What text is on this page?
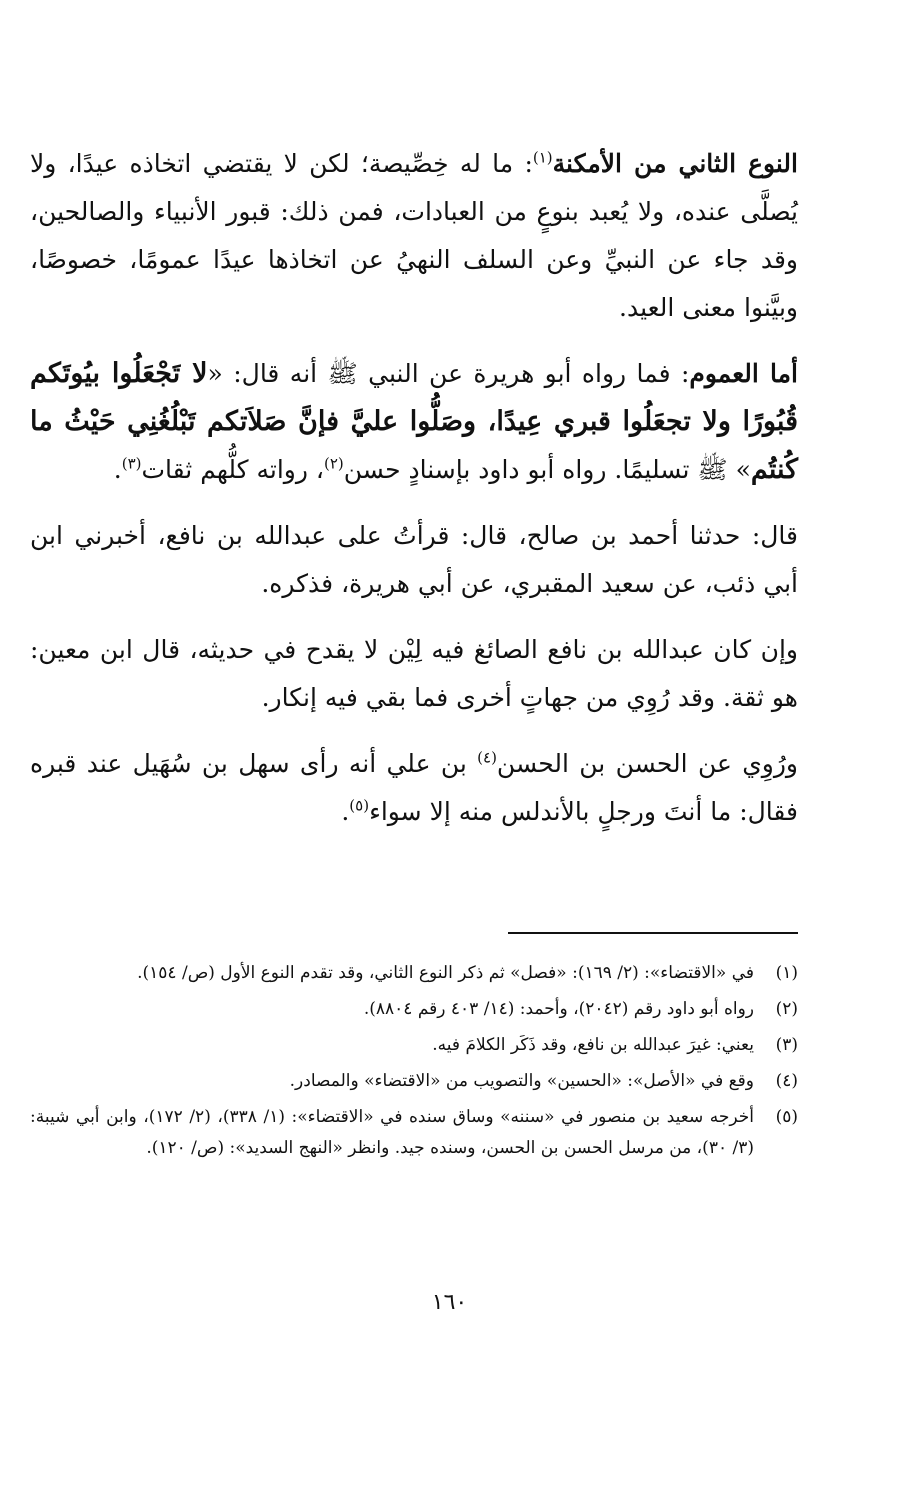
النوع الثاني من الأمكنة$^{(١)}$: ما له خِصِّيصة؛ لكن لا يقتضي اتخاذه عيدًا، ولا يُصلَّى عنده، ولا يُعبد بنوعٍ من العبادات، فمن ذلك: قبور الأنبياء والصالحين، وقد جاء عن النبيِّ وعن السلف النهيُ عن اتخاذها عيدًا عمومًا، خصوصًا، وبيَّنوا معنى العيد.

أما العموم: فما رواه أبو هريرة عن النبي ﷺ أنه قال: «لا تَجْعَلُوا بيُوتَكم قُبُورًا ولا تجعَلُوا قبري عِيدًا، وصَلُّوا عليَّ فإنَّ صَلاَتكم تَبْلُغُنِي حَيْثُ ما كُنتُم» ﷺ تسليمًا. رواه أبو داود بإسنادٍ حسن$^{(٢)}$، رواته كلُّهم ثقات$^{(٣)}$.

قال: حدثنا أحمد بن صالح، قال: قرأتُ على عبدالله بن نافع، أخبرني ابن أبي ذئب، عن سعيد المقبري، عن أبي هريرة، فذكره.

وإن كان عبدالله بن نافع الصائغ فيه لِيْن لا يقدح في حديثه، قال ابن معين: هو ثقة. وقد رُوِي من جهاتٍ أخرى فما بقي فيه إنكار.

ورُوِي عن الحسن بن الحسن$^{(٤)}$ بن علي أنه رأى سهل بن سُهَيل عند قبره فقال: ما أنتَ ورجلٍ بالأندلس منه إلا سواء$^{(٥)}$.

(١)
في «الاقتضاء»: (٢/ ١٦٩): «فصل» ثم ذكر النوع الثاني، وقد تقدم النوع الأول (ص/ ١٥٤).
(٢)
رواه أبو داود رقم (٢٠٤٢)، وأحمد: (١٤/ ٤٠٣ رقم ٨٨٠٤).
(٣)
يعني: غيرَ عبدالله بن نافع، وقد ذَكَر الكلامَ فيه.
(٤)
وقع في «الأصل»: «الحسين» والتصويب من «الاقتضاء» والمصادر.
(٥)
أخرجه سعيد بن منصور في «سننه» وساق سنده في «الاقتضاء»: (١/ ٣٣٨)، (٢/ ١٧٢)، وابن أبي شيبة: (٣/ ٣٠)، من مرسل الحسن بن الحسن، وسنده جيد. وانظر «النهج السديد»: (ص/ ١٢٠).
١٦٠
